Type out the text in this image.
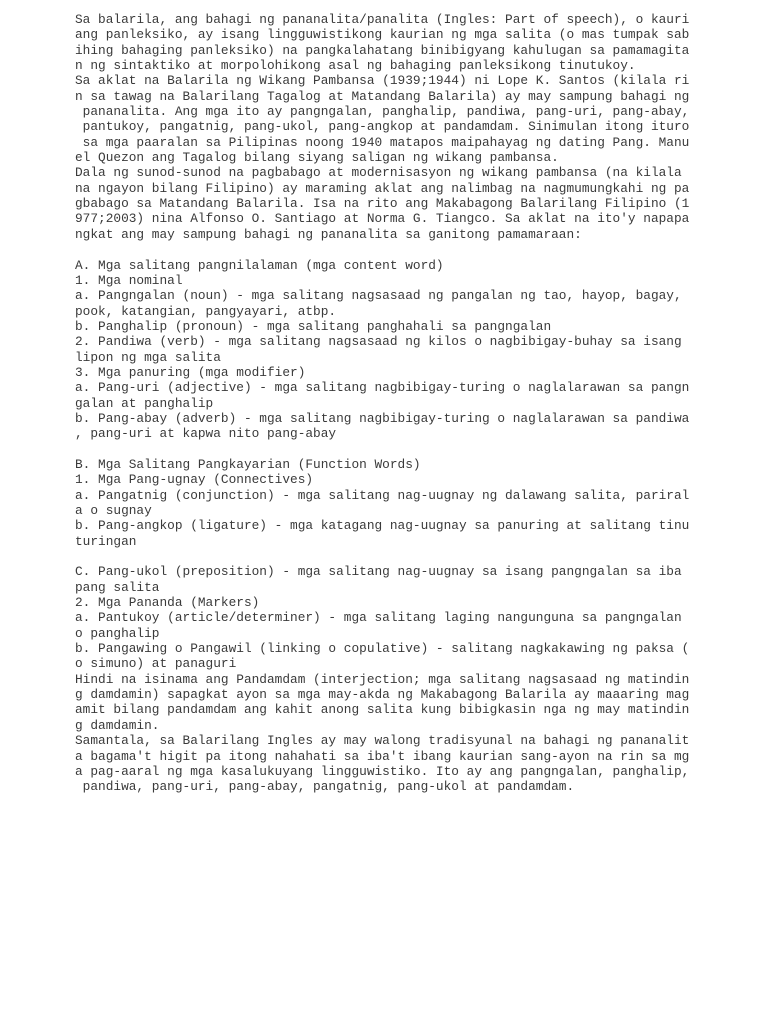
Sa balarila, ang bahagi ng pananalita/panalita (Ingles: Part of speech), o kauri

ang panleksiko, ay isang lingguwistikong kaurian ng mga salita (o mas tumpak sab

ihing bahaging panleksiko) na pangkalahatang binibigyang kahulugan sa pamamagita

n ng sintaktiko at morpolohikong asal ng bahaging panleksikong tinutukoy.

Sa aklat na Balarila ng Wikang Pambansa (1939;1944) ni Lope K. Santos (kilala ri

n sa tawag na Balarilang Tagalog at Matandang Balarila) ay may sampung bahagi ng

pananalita. Ang mga ito ay pangngalan, panghalip, pandiwa, pang-uri, pang-abay,

pantukoy, pangatnig, pang-ukol, pang-angkop at pandamdam. Sinimulan itong ituro

sa mga paaralan sa Pilipinas noong 1940 matapos maipahayag ng dating Pang. Manu

el Quezon ang Tagalog bilang siyang saligan ng wikang pambansa.

Dala ng sunod-sunod na pagbabago at modernisasyon ng wikang pambansa (na kilala

na ngayon bilang Filipino) ay maraming aklat ang nalimbag na nagmumungkahi ng pa

gbabago sa Matandang Balarila. Isa na rito ang Makabagong Balarilang Filipino (1

977;2003) nina Alfonso O. Santiago at Norma G. Tiangco. Sa aklat na ito'y napapa

ngkat ang may sampung bahagi ng pananalita sa ganitong pamamaraan:

A. Mga salitang pangnilalaman (mga content word)

1. Mga nominal

a. Pangngalan (noun) - mga salitang nagsasaad ng pangalan ng tao, hayop, bagay,

pook, katangian, pangyayari, atbp.

b. Panghalip (pronoun) - mga salitang panghahali sa pangngalan

2. Pandiwa (verb) - mga salitang nagsasaad ng kilos o nagbibigay-buhay sa isang

lipon ng mga salita

3. Mga panuring (mga modifier)

a. Pang-uri (adjective) - mga salitang nagbibigay-turing o naglalarawan sa pangn

galan at panghalip

b. Pang-abay (adverb) - mga salitang nagbibigay-turing o naglalarawan sa pandiwa

, pang-uri at kapwa nito pang-abay

B. Mga Salitang Pangkayarian (Function Words)

1. Mga Pang-ugnay (Connectives)

a. Pangatnig (conjunction) - mga salitang nag-uugnay ng dalawang salita, pariral

a o sugnay

b. Pang-angkop (ligature) - mga katagang nag-uugnay sa panuring at salitang tinu

turingan

C. Pang-ukol (preposition) - mga salitang nag-uugnay sa isang pangngalan sa iba

pang salita

2. Mga Pananda (Markers)

a. Pantukoy (article/determiner) - mga salitang laging nangunguna sa pangngalan

o panghalip

b. Pangawing o Pangawil (linking o copulative) - salitang nagkakawing ng paksa (

o simuno) at panaguri

Hindi na isinama ang Pandamdam (interjection; mga salitang nagsasaad ng matindin

g damdamin) sapagkat ayon sa mga may-akda ng Makabagong Balarila ay maaaring mag

amit bilang pandamdam ang kahit anong salita kung bibigkasin nga ng may matindin

g damdamin.

Samantala, sa Balarilang Ingles ay may walong tradisyunal na bahagi ng pananalit

a bagama't higit pa itong nahahati sa iba't ibang kaurian sang-ayon na rin sa mg

a pag-aaral ng mga kasalukuyang lingguwistiko. Ito ay ang pangngalan, panghalip,

pandiwa, pang-uri, pang-abay, pangatnig, pang-ukol at pandamdam.
